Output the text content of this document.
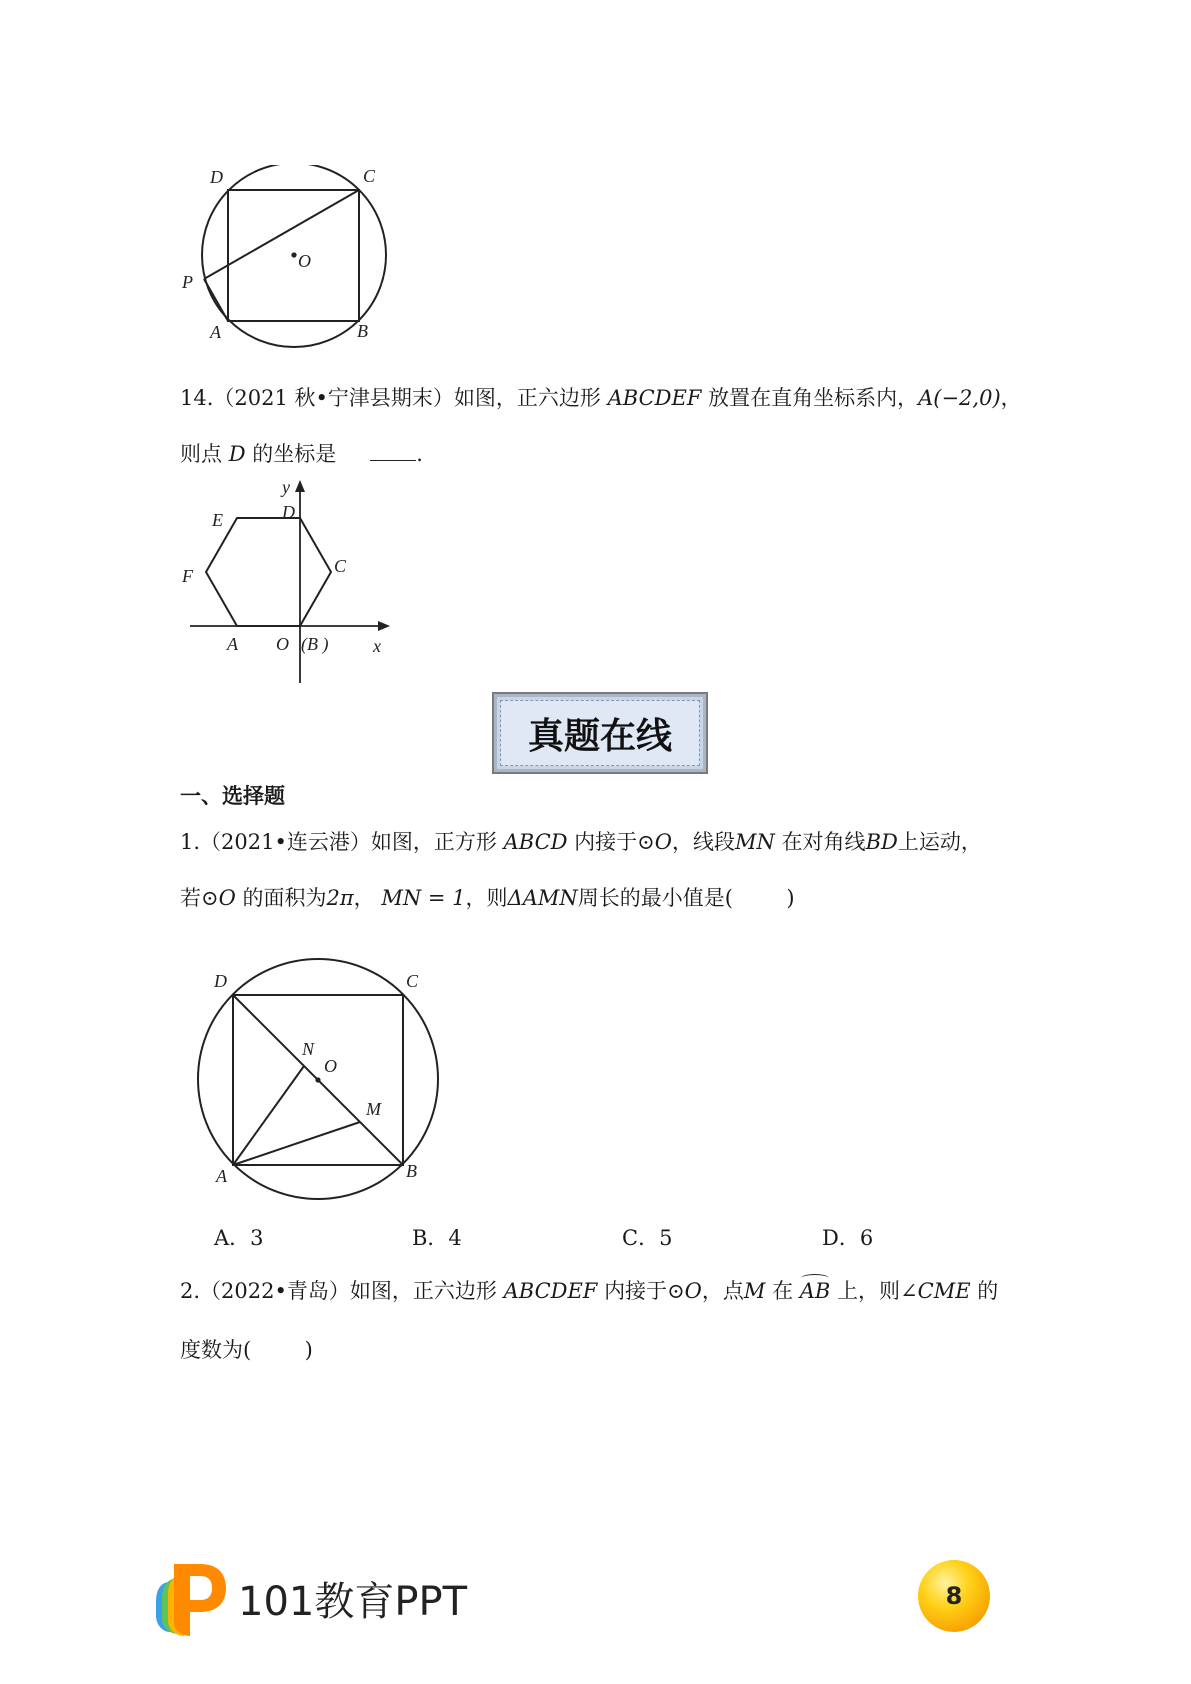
D	C
O
P
A	B
14.（2021 秋•宁津县期末）如图，正六边形 ABCDEF 放置在直角坐标系内，A(−2,0)，
则点 D 的坐标是	.
y
D
E
C
F
A O (B ) x
真题在线
一、选择题
1.（2021•连云港）如图，正方形 ABCD 内接于⊙O，线段MN 在对角线BD上运动，
若⊙O 的面积为2π， MN = 1，则ΔAMN周长的最小值是(        )
D	C
N
O
M
A	B
A．3	B．4	C．5	D．6
2.（2022•青岛）如图，正六边形 ABCDEF 内接于⊙O，点M 在 AB 上，则∠CME 的
度数为(        )
101教育PPT	8
